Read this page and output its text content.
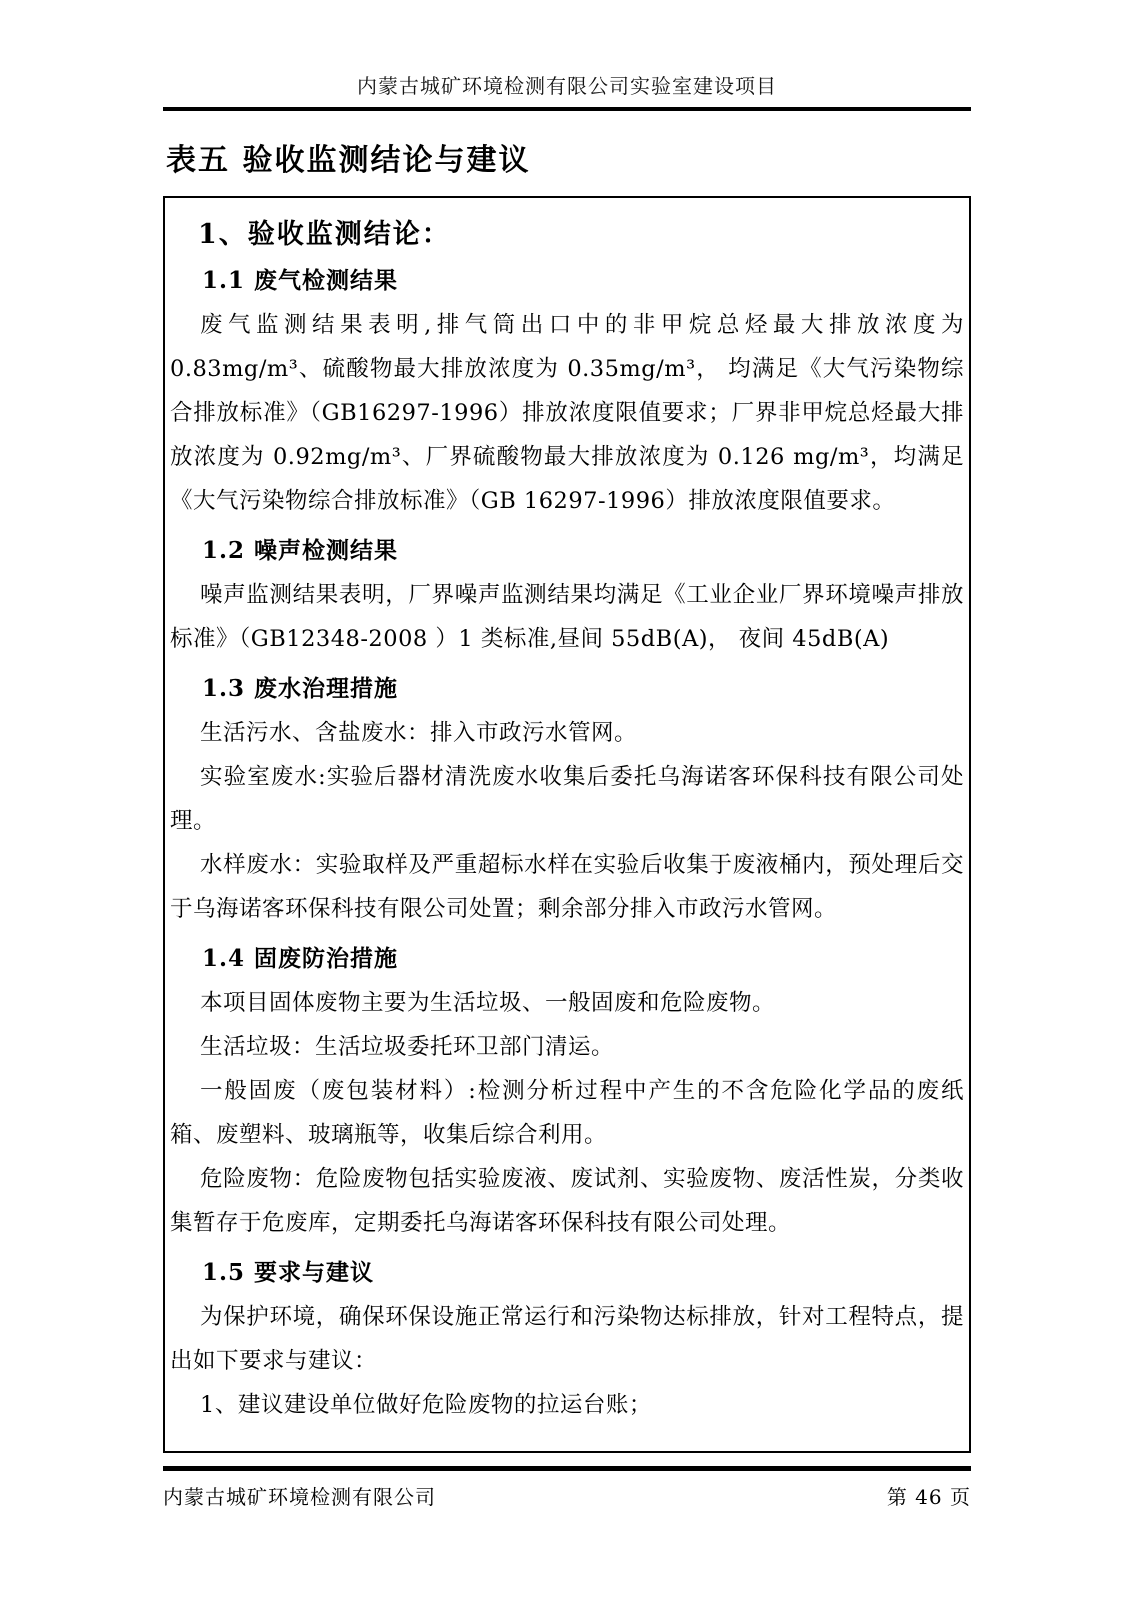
内蒙古城矿环境检测有限公司实验室建设项目
表五 验收监测结论与建议
1、验收监测结论：
1.1 废气检测结果

废气监测结果表明,排气筒出口中的非甲烷总烃最大排放浓度为 0.83mg/m³、硫酸物最大排放浓度为 0.35mg/m³， 均满足《大气污染物综合排放标准》（GB16297-1996）排放浓度限值要求；厂界非甲烷总烃最大排放浓度为 0.92mg/m³、厂界硫酸物最大排放浓度为 0.126 mg/m³，均满足《大气污染物综合排放标准》（GB 16297-1996）排放浓度限值要求。

1.2 噪声检测结果

噪声监测结果表明，厂界噪声监测结果均满足《工业企业厂界环境噪声排放标准》（GB12348-2008 ）1 类标准,昼间 55dB(A)， 夜间 45dB(A)

1.3 废水治理措施

生活污水、含盐废水：排入市政污水管网。

实验室废水:实验后器材清洗废水收集后委托乌海诺客环保科技有限公司处理。

水样废水：实验取样及严重超标水样在实验后收集于废液桶内，预处理后交于乌海诺客环保科技有限公司处置；剩余部分排入市政污水管网。

1.4 固废防治措施

本项目固体废物主要为生活垃圾、一般固废和危险废物。

生活垃圾：生活垃圾委托环卫部门清运。

一般固废（废包装材料）:检测分析过程中产生的不含危险化学品的废纸箱、废塑料、玻璃瓶等，收集后综合利用。

危险废物：危险废物包括实验废液、废试剂、实验废物、废活性炭，分类收集暂存于危废库，定期委托乌海诺客环保科技有限公司处理。

1.5 要求与建议

为保护环境，确保环保设施正常运行和污染物达标排放，针对工程特点，提出如下要求与建议：

1、建议建设单位做好危险废物的拉运台账；

内蒙古城矿环境检测有限公司	第 46 页
